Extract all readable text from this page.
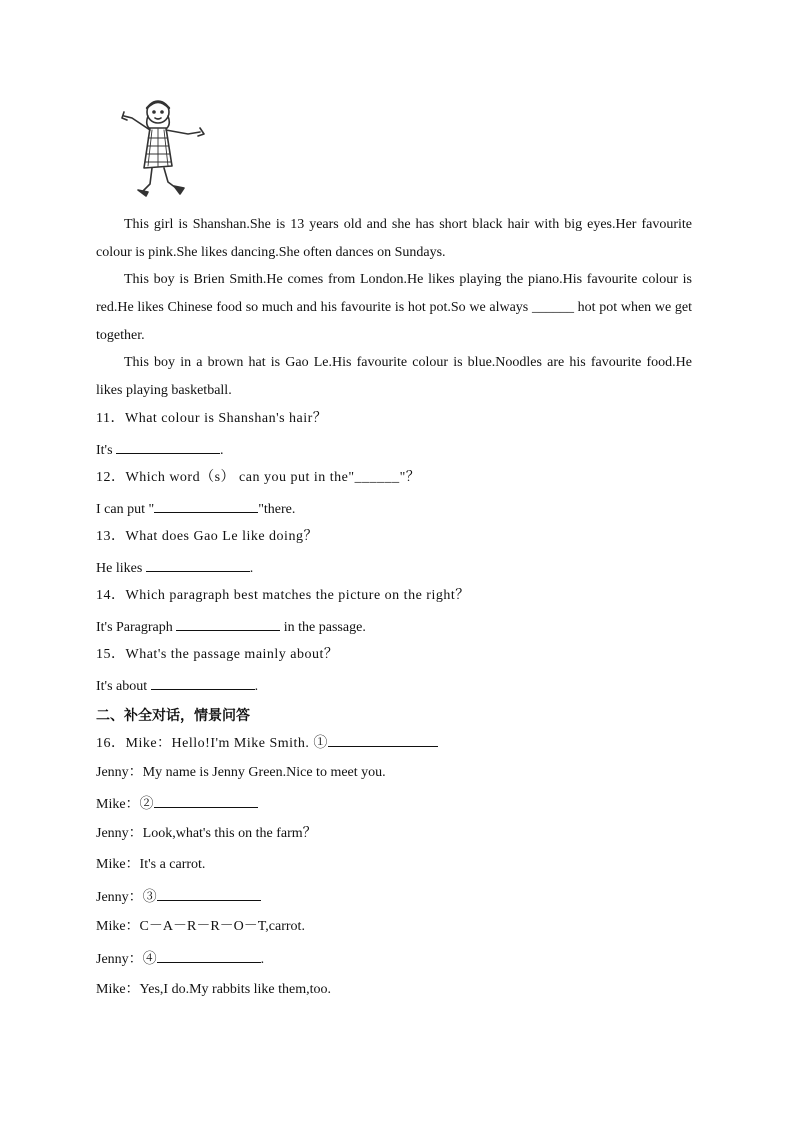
This girl is Shanshan.She is 13 years old and she has short black hair with big eyes.Her favourite colour is pink.She likes dancing.She often dances on Sundays.

This boy is Brien Smith.He comes from London.He likes playing the piano.His favourite colour is red.He likes Chinese food so much and his favourite is hot pot.So we always ______ hot pot when we get together.

This boy in a brown hat is Gao Le.His favourite colour is blue.Noodles are his favourite food.He likes playing basketball.

11．What colour is Shanshan's hair？
It's	.
12．Which word（s） can you put in the"______"？
I can put "	"there.
13．What does Gao Le like doing？
He likes	.
14．Which paragraph best matches the picture on the right？
It's Paragraph	in the passage.
15．What's the passage mainly about？
It's about	.
二、补全对话，情景问答
16．Mike：Hello!I'm Mike Smith. ①
Jenny：My name is Jenny Green.Nice to meet you.
Mike：②
Jenny：Look,what's this on the farm？
Mike：It's a carrot.
Jenny：③
Mike：C－A－R－R－O－T,carrot.
Jenny：④	.
Mike：Yes,I do.My rabbits like them,too.
